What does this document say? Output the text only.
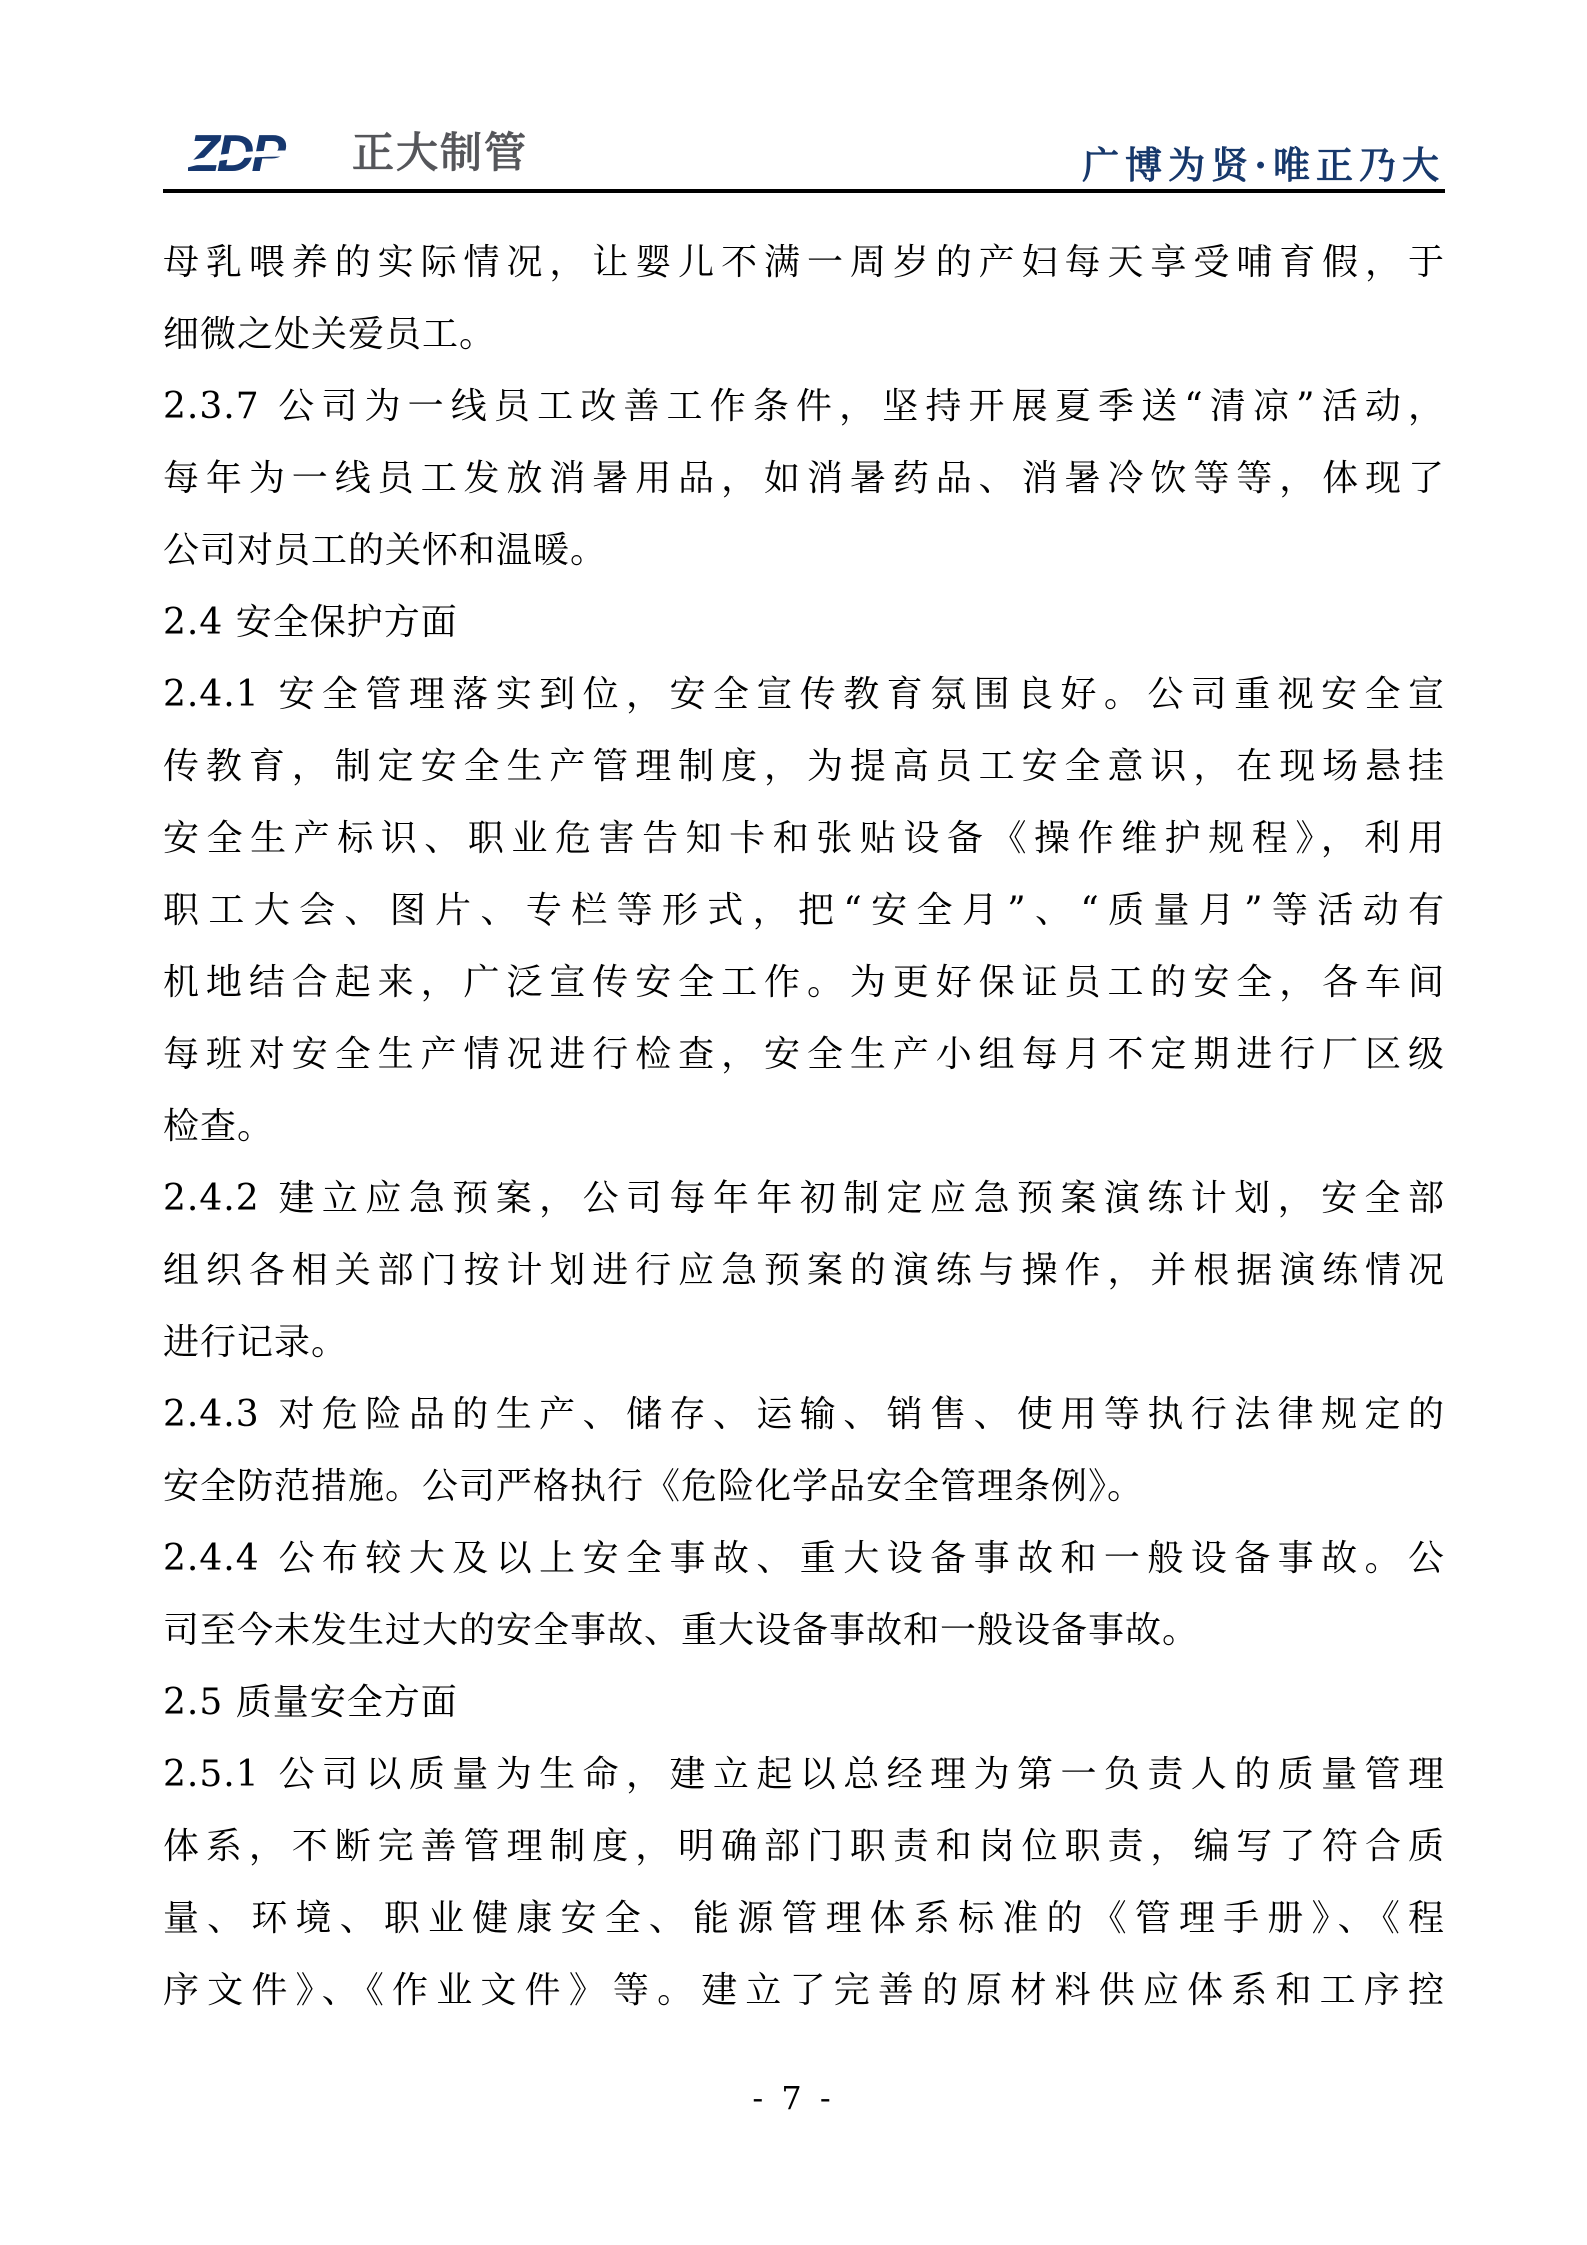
ZDP 正大制管	广博为贤·唯正乃大
母乳喂养的实际情况，让婴儿不满一周岁的产妇每天享受哺育假，于
细微之处关爱员工。
2.3.7 公司为一线员工改善工作条件，坚持开展夏季送“清凉”活动，
每年为一线员工发放消暑用品，如消暑药品、消暑冷饮等等，体现了
公司对员工的关怀和温暖。
2.4 安全保护方面
2.4.1 安全管理落实到位，安全宣传教育氛围良好。公司重视安全宣
传教育，制定安全生产管理制度，为提高员工安全意识，在现场悬挂
安全生产标识、职业危害告知卡和张贴设备《操作维护规程》，利用
职工大会、图片、专栏等形式，把“安全月”、“质量月”等活动有
机地结合起来，广泛宣传安全工作。为更好保证员工的安全，各车间
每班对安全生产情况进行检查，安全生产小组每月不定期进行厂区级
检查。
2.4.2 建立应急预案，公司每年年初制定应急预案演练计划，安全部
组织各相关部门按计划进行应急预案的演练与操作，并根据演练情况
进行记录。
2.4.3 对危险品的生产、储存、运输、销售、使用等执行法律规定的
安全防范措施。公司严格执行《危险化学品安全管理条例》。
2.4.4 公布较大及以上安全事故、重大设备事故和一般设备事故。公
司至今未发生过大的安全事故、重大设备事故和一般设备事故。
2.5 质量安全方面
2.5.1 公司以质量为生命，建立起以总经理为第一负责人的质量管理
体系，不断完善管理制度，明确部门职责和岗位职责，编写了符合质
量、环境、职业健康安全、能源管理体系标准的《管理手册》、《程
序文件》、《作业文件》等。建立了完善的原材料供应体系和工序控
- 7 -
